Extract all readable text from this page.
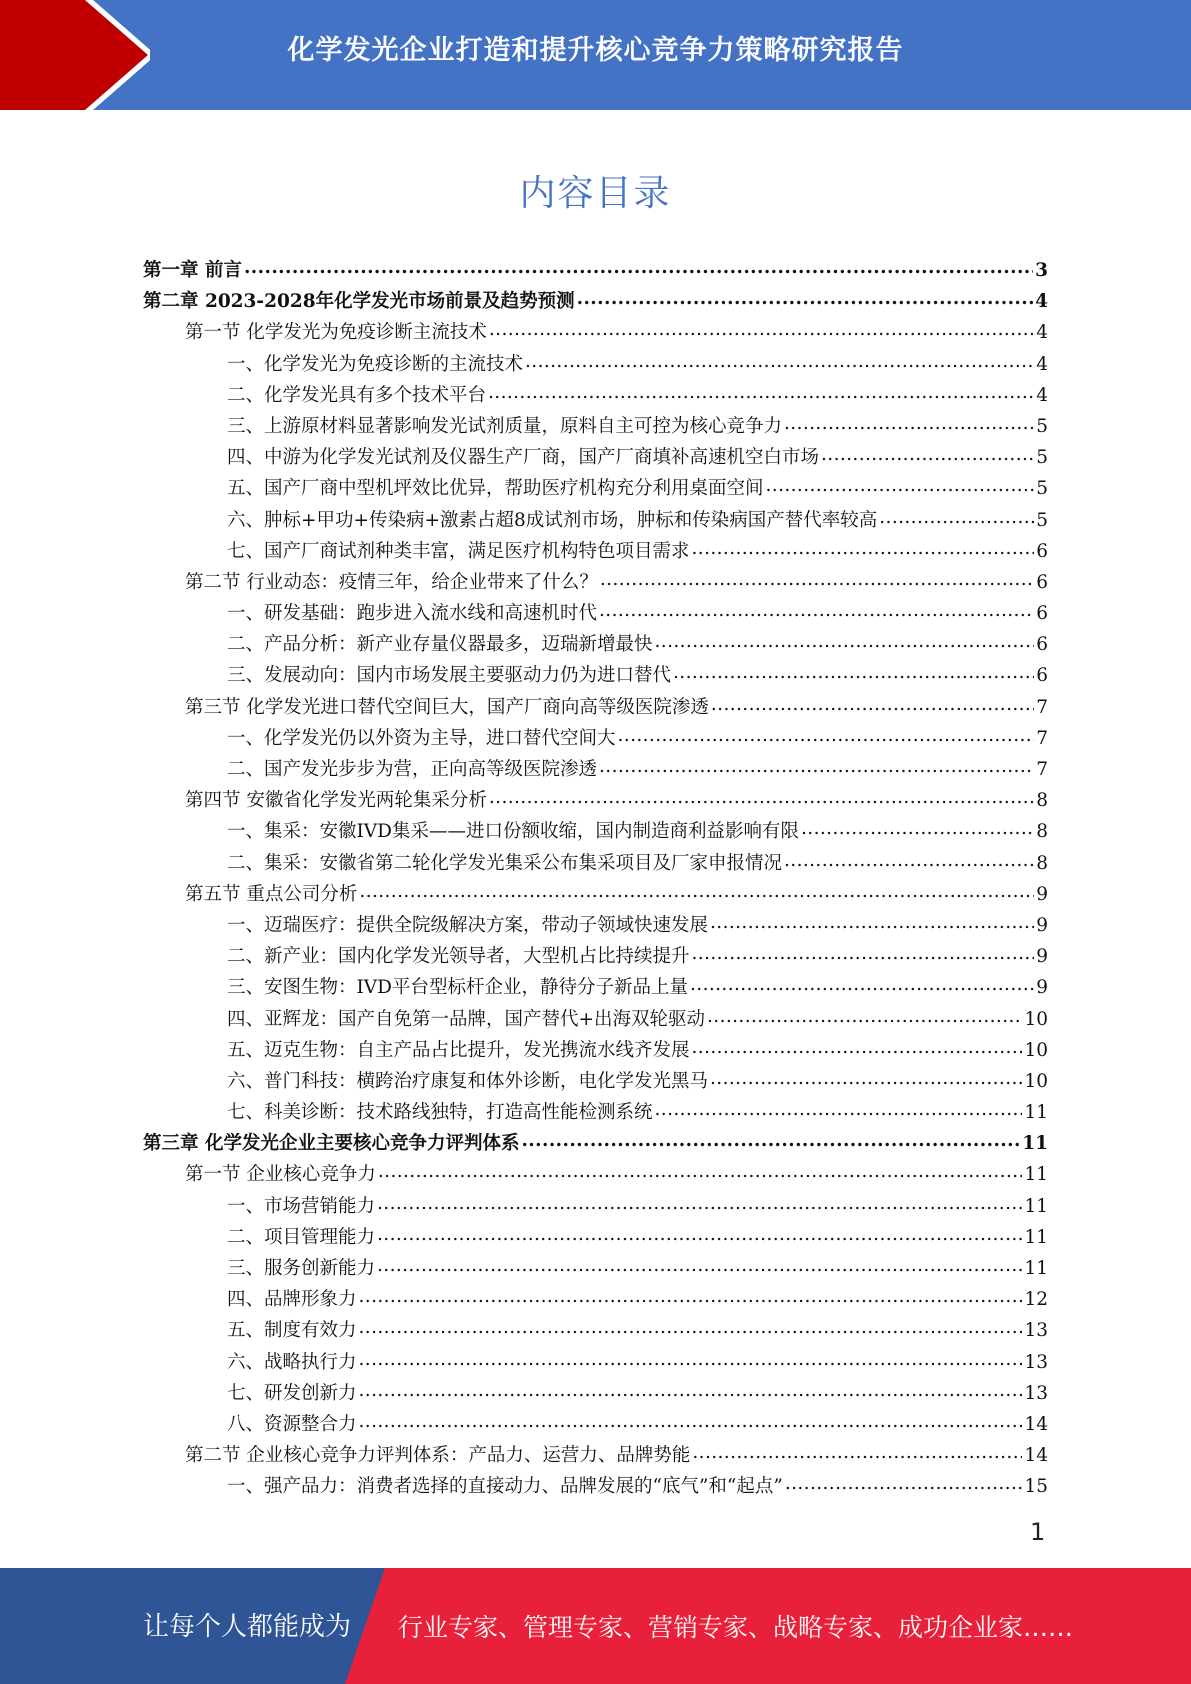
化学发光企业打造和提升核心竞争力策略研究报告
内容目录
第一章 前言 .....	3
第二章 2023-2028年化学发光市场前景及趋势预测 .....	4
第一节 化学发光为免疫诊断主流技术 .....	4
一、化学发光为免疫诊断的主流技术 .....	4
二、化学发光具有多个技术平台 .....	4
三、上游原材料显著影响发光试剂质量，原料自主可控为核心竞争力 .....	5
四、中游为化学发光试剂及仪器生产厂商，国产厂商填补高速机空白市场 .....	5
五、国产厂商中型机坪效比优异，帮助医疗机构充分利用桌面空间 .....	5
六、肿标+甲功+传染病+激素占超8成试剂市场，肿标和传染病国产替代率较高 .....	5
七、国产厂商试剂种类丰富，满足医疗机构特色项目需求 .....	6
第二节 行业动态：疫情三年，给企业带来了什么？ .....	6
一、研发基础：跑步进入流水线和高速机时代 .....	6
二、产品分析：新产业存量仪器最多，迈瑞新增最快 .....	6
三、发展动向：国内市场发展主要驱动力仍为进口替代 .....	6
第三节 化学发光进口替代空间巨大，国产厂商向高等级医院渗透 .....	7
一、化学发光仍以外资为主导，进口替代空间大 .....	7
二、国产发光步步为营，正向高等级医院渗透 .....	7
第四节 安徽省化学发光两轮集采分析 .....	8
一、集采：安徽IVD集采——进口份额收缩，国内制造商利益影响有限 .....	8
二、集采：安徽省第二轮化学发光集采公布集采项目及厂家申报情况 .....	8
第五节 重点公司分析 .....	9
一、迈瑞医疗：提供全院级解决方案，带动子领域快速发展 .....	9
二、新产业：国内化学发光领导者，大型机占比持续提升 .....	9
三、安图生物：IVD平台型标杆企业，静待分子新品上量 .....	9
四、亚辉龙：国产自免第一品牌，国产替代+出海双轮驱动 .....	10
五、迈克生物：自主产品占比提升，发光携流水线齐发展 .....	10
六、普门科技：横跨治疗康复和体外诊断，电化学发光黑马 .....	10
七、科美诊断：技术路线独特，打造高性能检测系统 .....	11
第三章 化学发光企业主要核心竞争力评判体系 .....	11
第一节 企业核心竞争力 .....	11
一、市场营销能力 .....	11
二、项目管理能力 .....	11
三、服务创新能力 .....	11
四、品牌形象力 .....	12
五、制度有效力 .....	13
六、战略执行力 .....	13
七、研发创新力 .....	13
八、资源整合力 .....	14
第二节 企业核心竞争力评判体系：产品力、运营力、品牌势能 .....	14
一、强产品力：消费者选择的直接动力、品牌发展的“底气”和“起点” .....	15
1
让每个人都能成为 行业专家、管理专家、营销专家、战略专家、成功企业家……
